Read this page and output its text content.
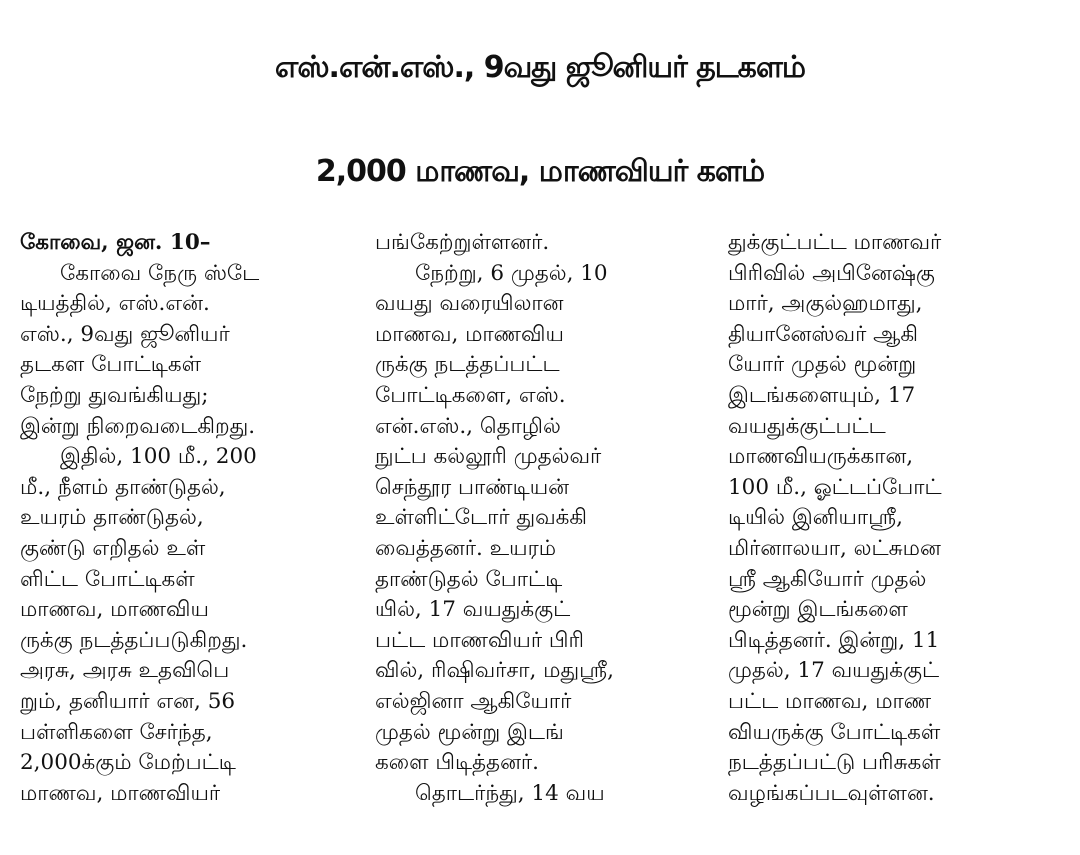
எஸ்.என்.எஸ்., 9வது ஜூனியர் தடகளம்
2,000 மாணவ, மாணவியர் களம்
கோவை, ஜன. 10–
கோவை நேரு ஸ்டே
டியத்தில், எஸ்.என்.
எஸ்., 9வது ஜூனியர்
தடகள போட்டிகள்
நேற்று துவங்கியது;
இன்று நிறைவடைகிறது.
இதில், 100 மீ., 200
மீ., நீளம் தாண்டுதல்,
உயரம் தாண்டுதல்,
குண்டு எறிதல் உள்
ளிட்ட போட்டிகள்
மாணவ, மாணவிய
ருக்கு நடத்தப்படுகிறது.
அரசு, அரசு உதவிபெ
றும், தனியார் என, 56
பள்ளிகளை சேர்ந்த,
2,000க்கும் மேற்பட்டி
மாணவ, மாணவியர்
பங்கேற்றுள்ளனர்.
நேற்று, 6 முதல், 10
வயது வரையிலான
மாணவ, மாணவிய
ருக்கு நடத்தப்பட்ட
போட்டிகளை, எஸ்.
என்.எஸ்., தொழில்
நுட்ப கல்லூரி முதல்வர்
செந்தூர பாண்டியன்
உள்ளிட்டோர் துவக்கி
வைத்தனர். உயரம்
தாண்டுதல் போட்டி
யில், 17 வயதுக்குட்
பட்ட மாணவியர் பிரி
வில், ரிஷிவர்சா, மதுஸ்ரீ,
எல்ஜினா ஆகியோர்
முதல் மூன்று இடங்
களை பிடித்தனர்.
தொடர்ந்து, 14 வய
துக்குட்பட்ட மாணவர்
பிரிவில் அபினேஷ்கு
மார், அகுல்ஹமாது,
தியானேஸ்வர் ஆகி
யோர் முதல் மூன்று
இடங்களையும், 17
வயதுக்குட்பட்ட
மாணவியருக்கான,
100 மீ., ஓட்டப்போட்
டியில் இனியாஸ்ரீ,
மிர்னாலயா, லட்சுமன
ஸ்ரீ ஆகியோர் முதல்
மூன்று இடங்களை
பிடித்தனர். இன்று, 11
முதல், 17 வயதுக்குட்
பட்ட மாணவ, மாண
வியருக்கு போட்டிகள்
நடத்தப்பட்டு பரிசுகள்
வழங்கப்படவுள்ளன.
